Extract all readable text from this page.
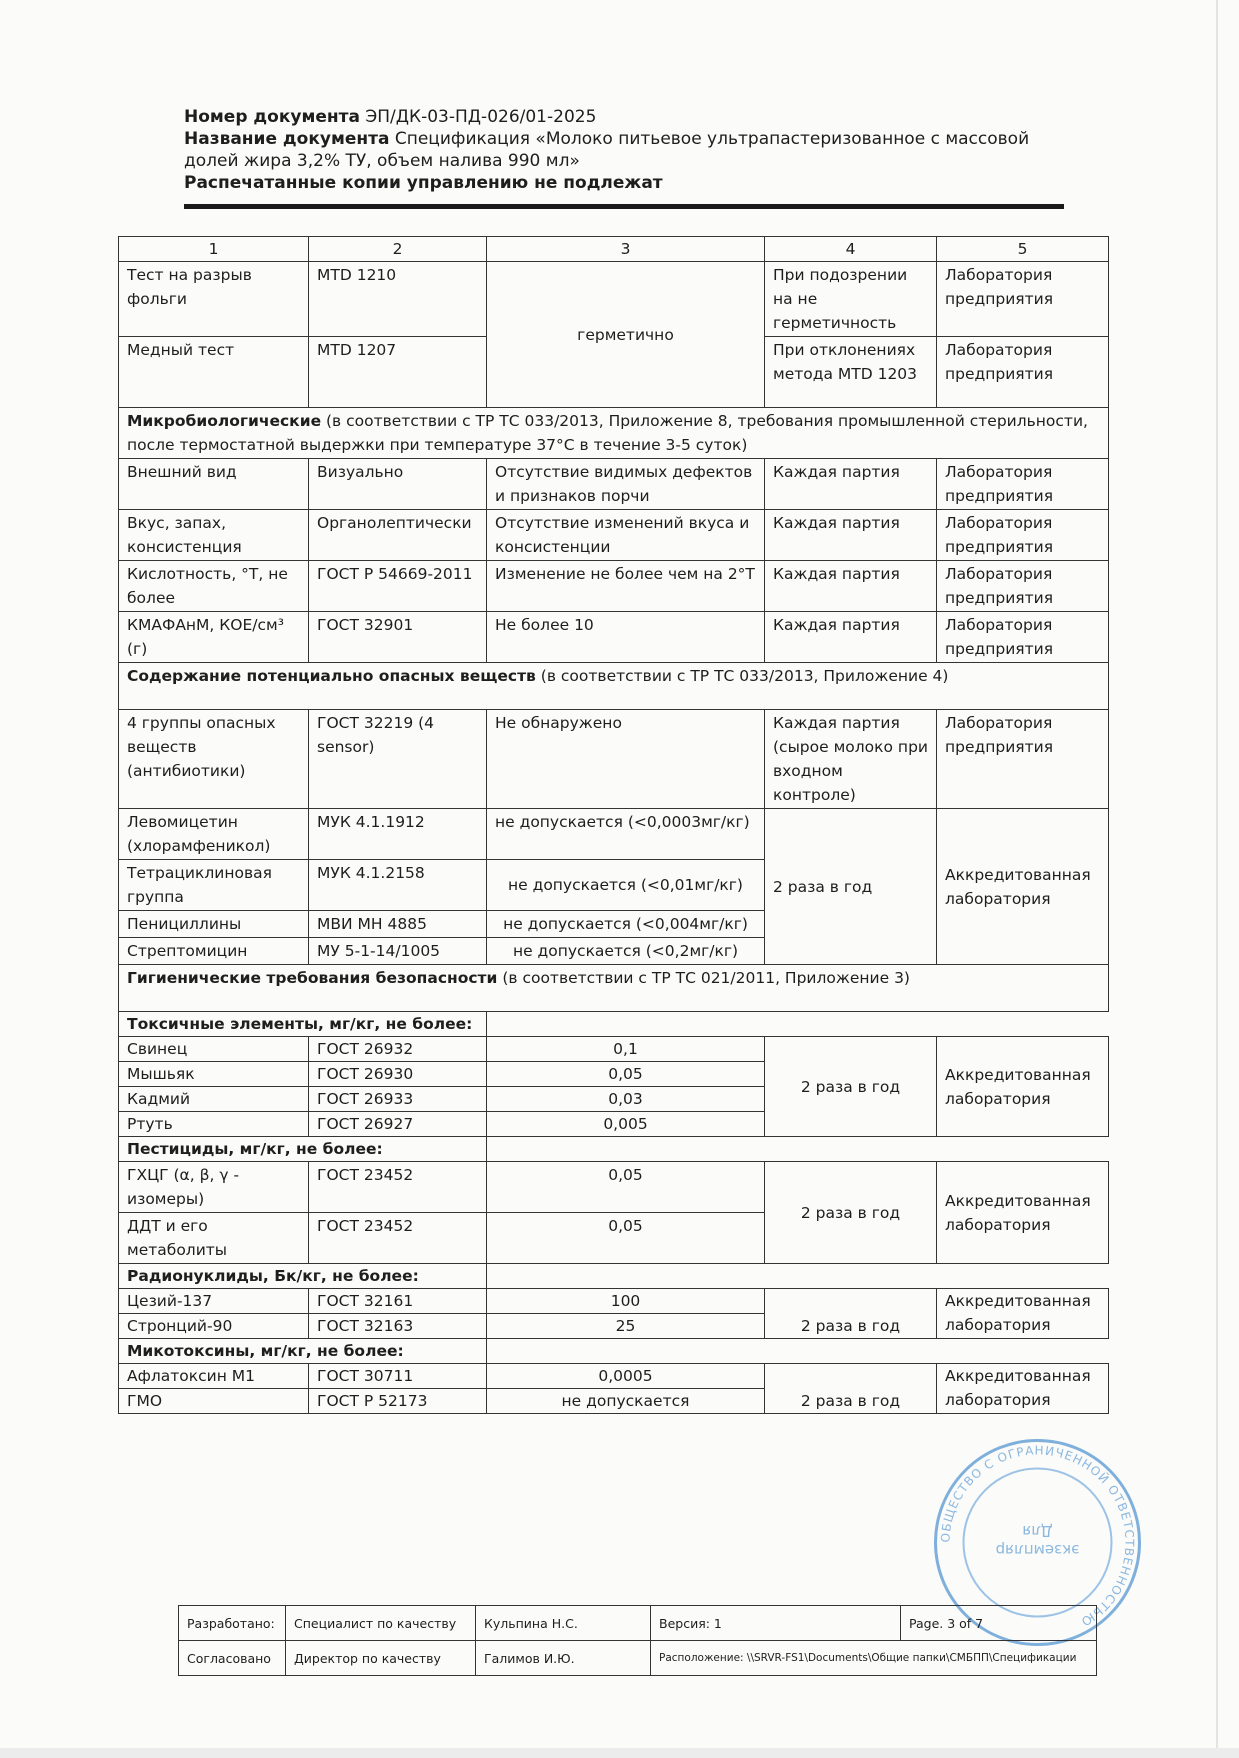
Номер документа ЭП/ДК-03-ПД-026/01-2025
Название документа Спецификация «Молоко питьевое ультрапастеризованное с массовой
долей жира 3,2% ТУ, объем налива 990 мл»
Распечатанные копии управлению не подлежат
1	2	3	4	5
Тест на разрыв фольги	MTD 1210	герметично	При подозрении на не герметичность	Лаборатория предприятия
Медный тест	MTD 1207		При отклонениях метода MTD 1203	Лаборатория предприятия
Микробиологические (в соответствии с ТР ТС 033/2013, Приложение 8, требования промышленной стерильности, после термостатной выдержки при температуре 37°С в течение 3-5 суток)				
Внешний вид	Визуально	Отсутствие видимых дефектов и признаков порчи	Каждая партия	Лаборатория предприятия
Вкус, запах, консистенция	Органолептически	Отсутствие изменений вкуса и консистенции	Каждая партия	Лаборатория предприятия
Кислотность, °Т, не более	ГОСТ Р 54669-2011	Изменение не более чем на 2°Т	Каждая партия	Лаборатория предприятия
КМАФАнМ, КОЕ/см³ (г)	ГОСТ 32901	Не более 10	Каждая партия	Лаборатория предприятия
Содержание потенциально опасных веществ (в соответствии с ТР ТС 033/2013, Приложение 4)				
4 группы опасных веществ (антибиотики)	ГОСТ 32219 (4 sensor)	Не обнаружено	Каждая партия (сырое молоко при входном контроле)	Лаборатория предприятия
Левомицетин (хлорамфеникол)	МУК 4.1.1912	не допускается (<0,0003мг/кг)	2 раза в год	Аккредитованная лаборатория
Тетрациклиновая группа	МУК 4.1.2158	не допускается (<0,01мг/кг)		
Пенициллины	МВИ МН 4885	не допускается (<0,004мг/кг)		
Стрептомицин	МУ 5-1-14/1005	не допускается (<0,2мг/кг)		
Гигиенические требования безопасности (в соответствии с ТР ТС 021/2011, Приложение 3)				
Токсичные элементы, мг/кг, не более:				
Свинец	ГОСТ 26932	0,1	2 раза в год	Аккредитованная лаборатория
Мышьяк	ГОСТ 26930	0,05		
Кадмий	ГОСТ 26933	0,03		
Ртуть	ГОСТ 26927	0,005		
Пестициды, мг/кг, не более:				
ГХЦГ (α, β, γ - изомеры)	ГОСТ 23452	0,05	2 раза в год	Аккредитованная лаборатория
ДДТ и его метаболиты	ГОСТ 23452	0,05		
Радионуклиды, Бк/кг, не более:				
Цезий-137	ГОСТ 32161	100	2 раза в год	Аккредитованная лаборатория
Стронций-90	ГОСТ 32163	25		
Микотоксины, мг/кг, не более:				
Афлатоксин М1	ГОСТ 30711	0,0005	2 раза в год	Аккредитованная лаборатория
ГМО	ГОСТ Р 52173	не допускается		
ОБЩЕСТВО С ОГРАНИЧЕННОЙ ОТВЕТСТВЕННОСТЬЮ
экземпляр
Для
Разработано:	Специалист по качеству	Кульпина Н.С.	Версия: 1	Page. 3 of 7
Согласовано	Директор по качеству	Галимов И.Ю.	Расположение: \\SRVR-FS1\Documents\Общие папки\СМБПП\Спецификации	
